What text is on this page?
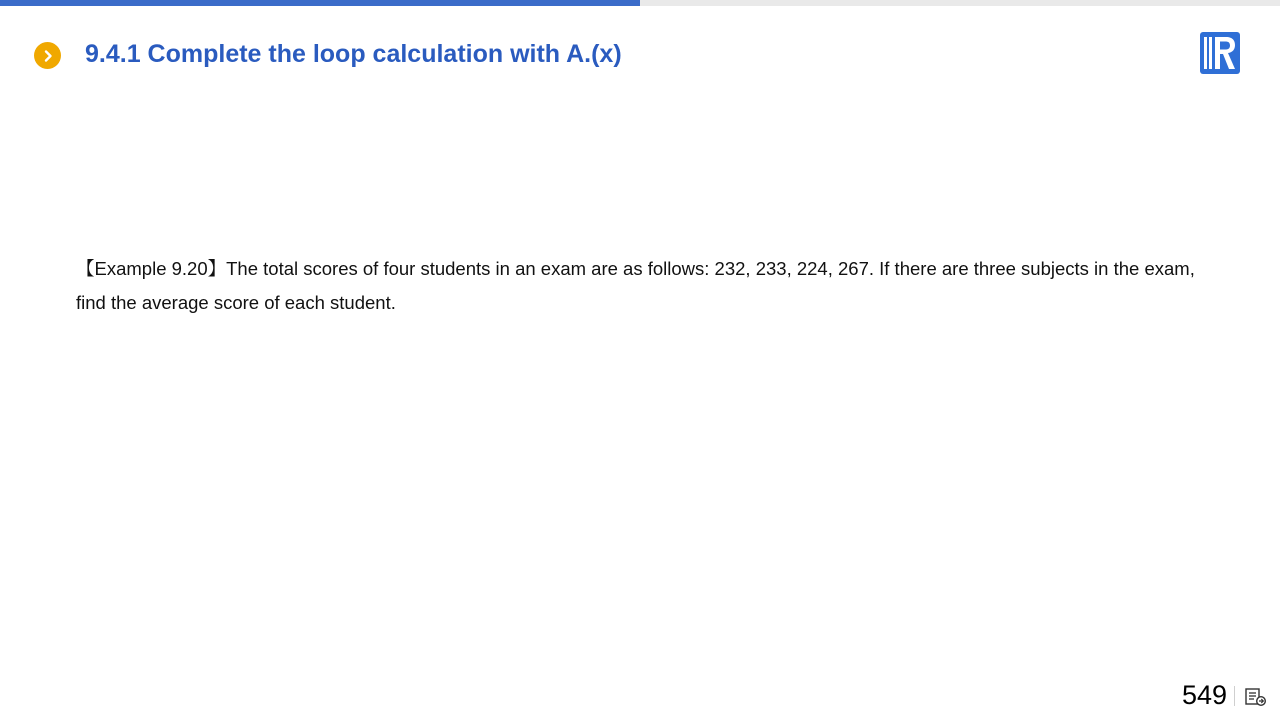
9.4.1 Complete the loop calculation with A.(x)
【Example 9.20】The total scores of four students in an exam are as follows: 232, 233, 224, 267. If there are three subjects in the exam, find the average score of each student.
549
